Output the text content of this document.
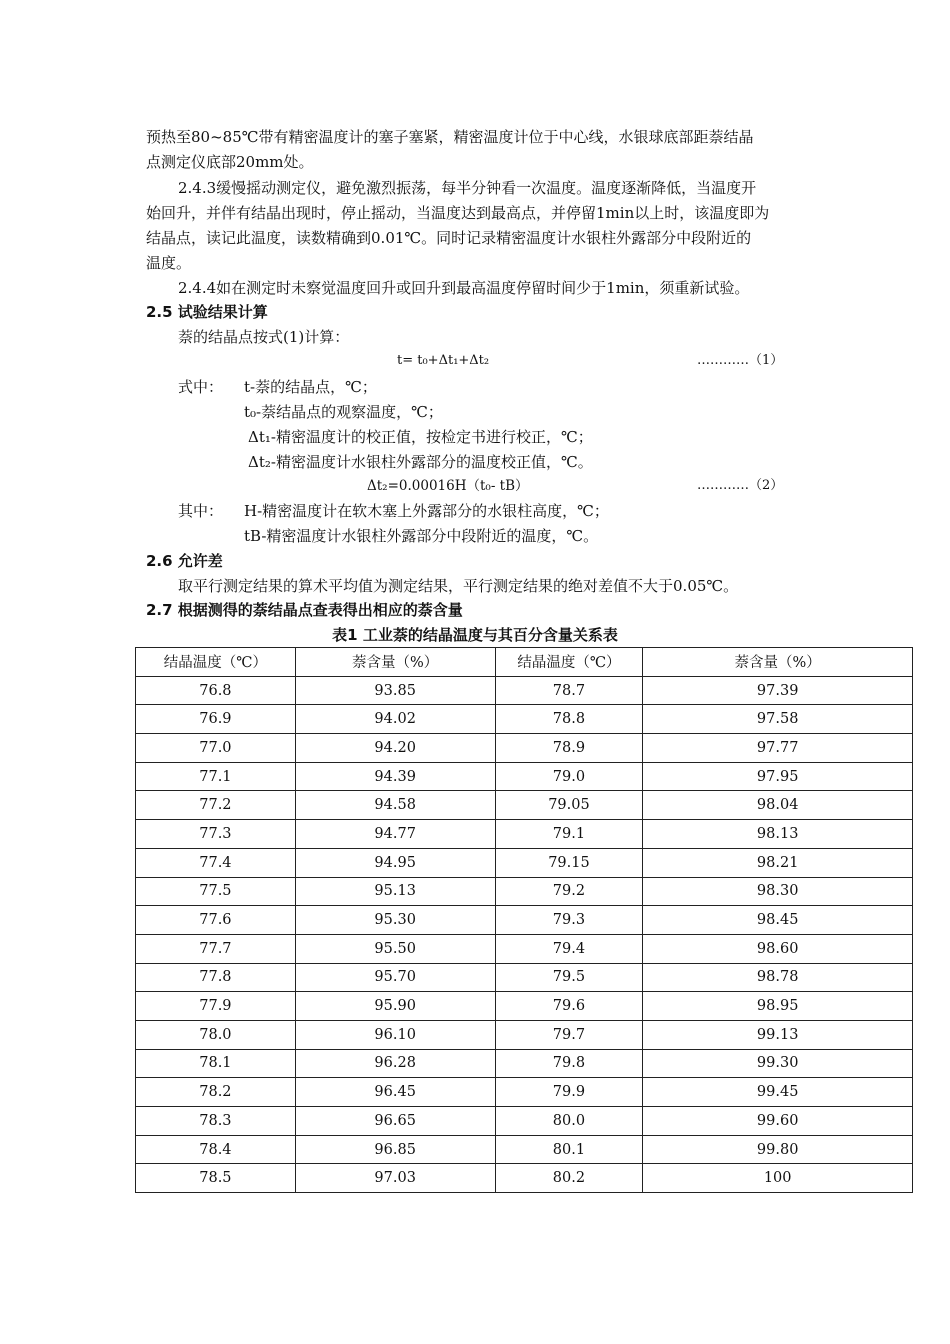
预热至80~85℃带有精密温度计的塞子塞紧，精密温度计位于中心线，水银球底部距萘结晶
点测定仪底部20mm处。
2.4.3缓慢摇动测定仪，避免激烈振荡，每半分钟看一次温度。温度逐渐降低，当温度开
始回升，并伴有结晶出现时，停止摇动，当温度达到最高点，并停留1min以上时，该温度即为
结晶点，读记此温度，读数精确到0.01℃。同时记录精密温度计水银柱外露部分中段附近的
温度。
2.4.4如在测定时未察觉温度回升或回升到最高温度停留时间少于1min，须重新试验。
2.5 试验结果计算
萘的结晶点按式(1)计算：
t= t₀+Δt₁+Δt₂	…………（1）
式中： t-萘的结晶点，℃；
t₀-萘结晶点的观察温度，℃；
Δt₁-精密温度计的校正值，按检定书进行校正，℃；
Δt₂-精密温度计水银柱外露部分的温度校正值，℃。
Δt₂=0.00016H（t₀- tB）	…………（2）
其中： H-精密温度计在软木塞上外露部分的水银柱高度，℃；
tB-精密温度计水银柱外露部分中段附近的温度，℃。
2.6 允许差
取平行测定结果的算术平均值为测定结果，平行测定结果的绝对差值不大于0.05℃。
2.7 根据测得的萘结晶点查表得出相应的萘含量
表1 工业萘的结晶温度与其百分含量关系表
结晶温度（℃）	萘含量（%）	结晶温度（℃）	萘含量（%）
76.8	93.85	78.7	97.39
76.9	94.02	78.8	97.58
77.0	94.20	78.9	97.77
77.1	94.39	79.0	97.95
77.2	94.58	79.05	98.04
77.3	94.77	79.1	98.13
77.4	94.95	79.15	98.21
77.5	95.13	79.2	98.30
77.6	95.30	79.3	98.45
77.7	95.50	79.4	98.60
77.8	95.70	79.5	98.78
77.9	95.90	79.6	98.95
78.0	96.10	79.7	99.13
78.1	96.28	79.8	99.30
78.2	96.45	79.9	99.45
78.3	96.65	80.0	99.60
78.4	96.85	80.1	99.80
78.5	97.03	80.2	100
